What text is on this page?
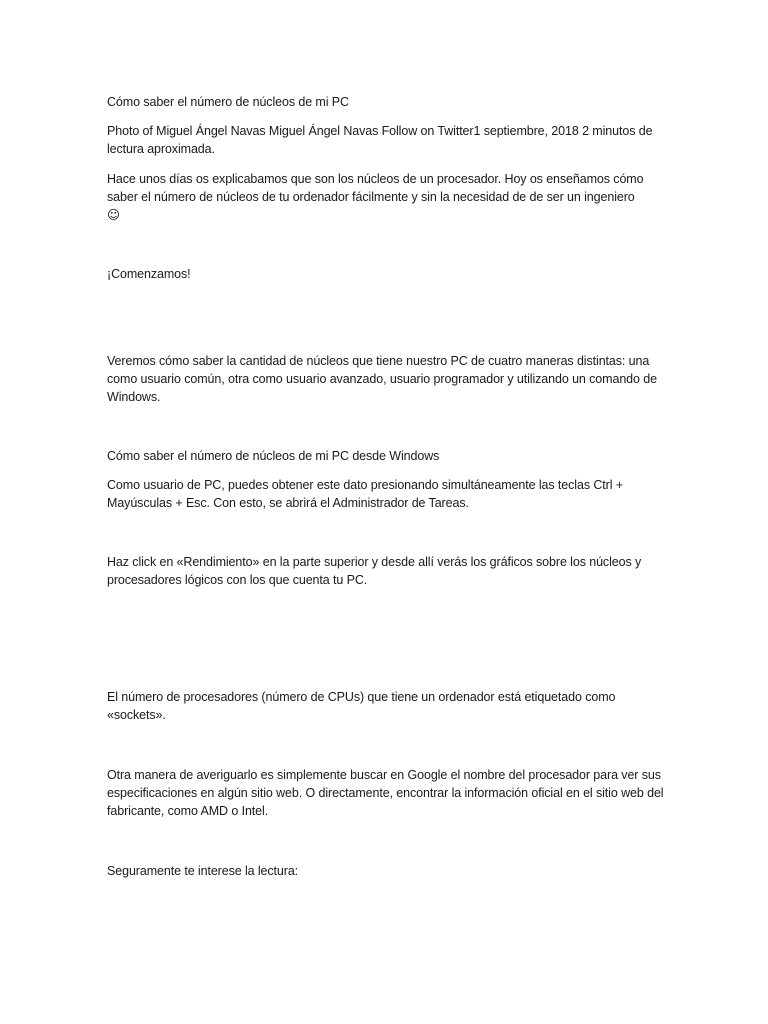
Cómo saber el número de núcleos de mi PC

Photo of Miguel Ángel Navas Miguel Ángel Navas Follow on Twitter1 septiembre, 2018 2 minutos de lectura aproximada.

Hace unos días os explicabamos que son los núcleos de un procesador. Hoy os enseñamos cómo saber el número de núcleos de tu ordenador fácilmente y sin la necesidad de de ser un ingeniero
☺

¡Comenzamos!

Veremos cómo saber la cantidad de núcleos que tiene nuestro PC de cuatro maneras distintas: una como usuario común, otra como usuario avanzado, usuario programador y utilizando un comando de Windows.

Cómo saber el número de núcleos de mi PC desde Windows

Como usuario de PC, puedes obtener este dato presionando simultáneamente las teclas Ctrl + Mayúsculas + Esc. Con esto, se abrirá el Administrador de Tareas.

Haz click en «Rendimiento» en la parte superior y desde allí verás los gráficos sobre los núcleos y procesadores lógicos con los que cuenta tu PC.

El número de procesadores (número de CPUs) que tiene un ordenador está etiquetado como «sockets».

Otra manera de averiguarlo es simplemente buscar en Google el nombre del procesador para ver sus especificaciones en algún sitio web. O directamente, encontrar la información oficial en el sitio web del fabricante, como AMD o Intel.

Seguramente te interese la lectura:
